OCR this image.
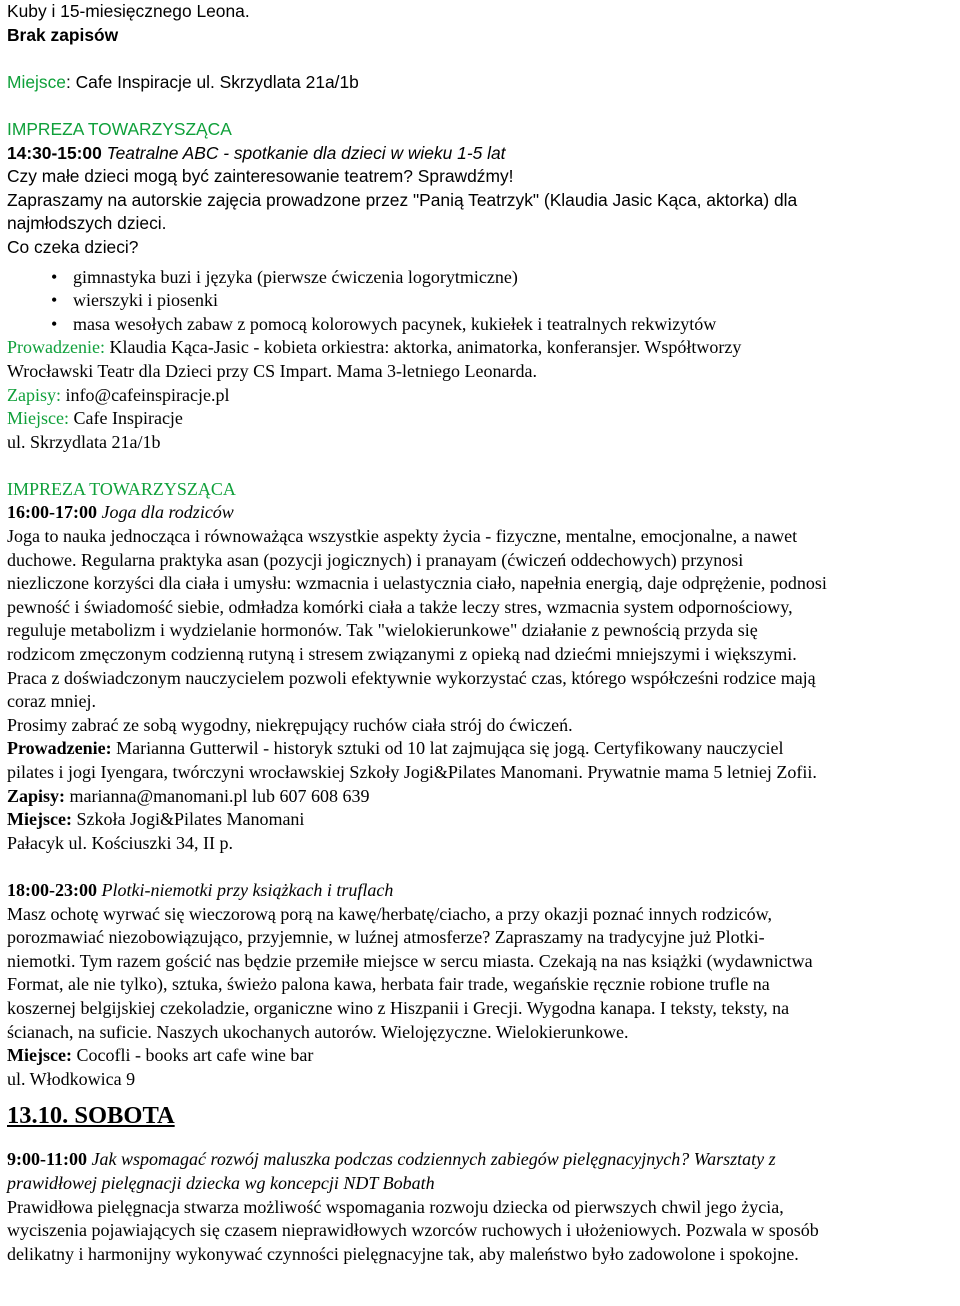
Kuby i 15-miesięcznego Leona.
Brak zapisów
Miejsce: Cafe Inspiracje ul. Skrzydlata 21a/1b
IMPREZA TOWARZYSZĄCA
14:30-15:00 Teatralne ABC - spotkanie dla dzieci w wieku 1-5 lat
Czy małe dzieci mogą być zainteresowanie teatrem? Sprawdźmy!
Zapraszamy na autorskie zajęcia prowadzone przez "Panią Teatrzyk" (Klaudia Jasic Kąca, aktorka) dla
najmłodszych dzieci.
Co czeka dzieci?
• gimnastyka buzi i języka (pierwsze ćwiczenia logorytmiczne)
• wierszyki i piosenki
• masa wesołych zabaw z pomocą kolorowych pacynek, kukiełek i teatralnych rekwizytów
Prowadzenie: Klaudia Kąca-Jasic - kobieta orkiestra: aktorka, animatorka, konferansjer. Współtworzy
Wrocławski Teatr dla Dzieci przy CS Impart. Mama 3-letniego Leonarda.
Zapisy: info@cafeinspiracje.pl
Miejsce: Cafe Inspiracje
ul. Skrzydlata 21a/1b
IMPREZA TOWARZYSZĄCA
16:00-17:00 Joga dla rodziców
Joga to nauka jednocząca i równoważąca wszystkie aspekty życia - fizyczne, mentalne, emocjonalne, a nawet
duchowe. Regularna praktyka asan (pozycji jogicznych) i pranayam (ćwiczeń oddechowych) przynosi
niezliczone korzyści dla ciała i umysłu: wzmacnia i uelastycznia ciało, napełnia energią, daje odprężenie, podnosi
pewność i świadomość siebie, odmładza komórki ciała a także leczy stres, wzmacnia system odpornościowy,
reguluje metabolizm i wydzielanie hormonów. Tak "wielokierunkowe" działanie z pewnością przyda się
rodzicom zmęczonym codzienną rutyną i stresem związanymi z opieką nad dziećmi mniejszymi i większymi.
Praca z doświadczonym nauczycielem pozwoli efektywnie wykorzystać czas, którego współcześni rodzice mają
coraz mniej.
Prosimy zabrać ze sobą wygodny, niekrępujący ruchów ciała strój do ćwiczeń.
Prowadzenie: Marianna Gutterwil - historyk sztuki od 10 lat zajmująca się jogą. Certyfikowany nauczyciel
pilates i jogi Iyengara, twórczyni wrocławskiej Szkoły Jogi&Pilates Manomani. Prywatnie mama 5 letniej Zofii.
Zapisy: marianna@manomani.pl lub 607 608 639
Miejsce: Szkoła Jogi&Pilates Manomani
Pałacyk ul. Kościuszki 34, II p.
18:00-23:00 Plotki-niemotki przy książkach i truflach
Masz ochotę wyrwać się wieczorową porą na kawę/herbatę/ciacho, a przy okazji poznać innych rodziców,
porozmawiać niezobowiązująco, przyjemnie, w luźnej atmosferze? Zapraszamy na tradycyjne już Plotki-
niemotki. Tym razem gościć nas będzie przemiłe miejsce w sercu miasta. Czekają na nas książki (wydawnictwa
Format, ale nie tylko), sztuka, świeżo palona kawa, herbata fair trade, wegańskie ręcznie robione trufle na
koszernej belgijskiej czekoladzie, organiczne wino z Hiszpanii i Grecji. Wygodna kanapa. I teksty, teksty, na
ścianach, na suficie. Naszych ukochanych autorów. Wielojęzyczne. Wielokierunkowe.
Miejsce: Cocofli - books art cafe wine bar
ul. Włodkowica 9
13.10. SOBOTA
9:00-11:00 Jak wspomagać rozwój maluszka podczas codziennych zabiegów pielęgnacyjnych? Warsztaty z
prawidłowej pielęgnacji dziecka wg koncepcji NDT Bobath
Prawidłowa pielęgnacja stwarza możliwość wspomagania rozwoju dziecka od pierwszych chwil jego życia,
wyciszenia pojawiających się czasem nieprawidłowych wzorców ruchowych i ułożeniowych. Pozwala w sposób
delikatny i harmonijny wykonywać czynności pielęgnacyjne tak, aby maleństwo było zadowolone i spokojne.
